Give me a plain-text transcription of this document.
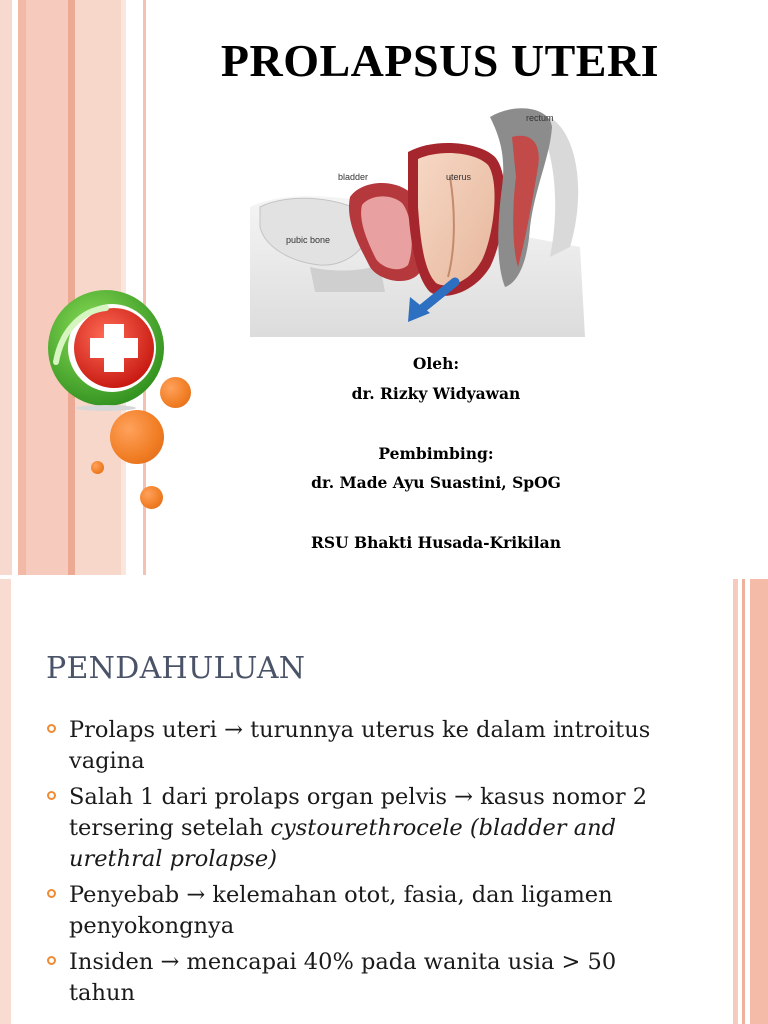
PROLAPSUS UTERI
rectum
bladder	uterus
pubic bone
Oleh:
dr. Rizky Widyawan
Pembimbing:
dr. Made Ayu Suastini, SpOG
RSU Bhakti Husada-Krikilan
PENDAHULUAN
Prolaps uteri → turunnya uterus ke dalam introitus vagina
Salah 1 dari prolaps organ pelvis → kasus nomor 2 tersering setelah cystourethrocele (bladder and urethral prolapse)
Penyebab → kelemahan otot, fasia, dan ligamen penyokongnya
Insiden → mencapai 40% pada wanita usia > 50 tahun
